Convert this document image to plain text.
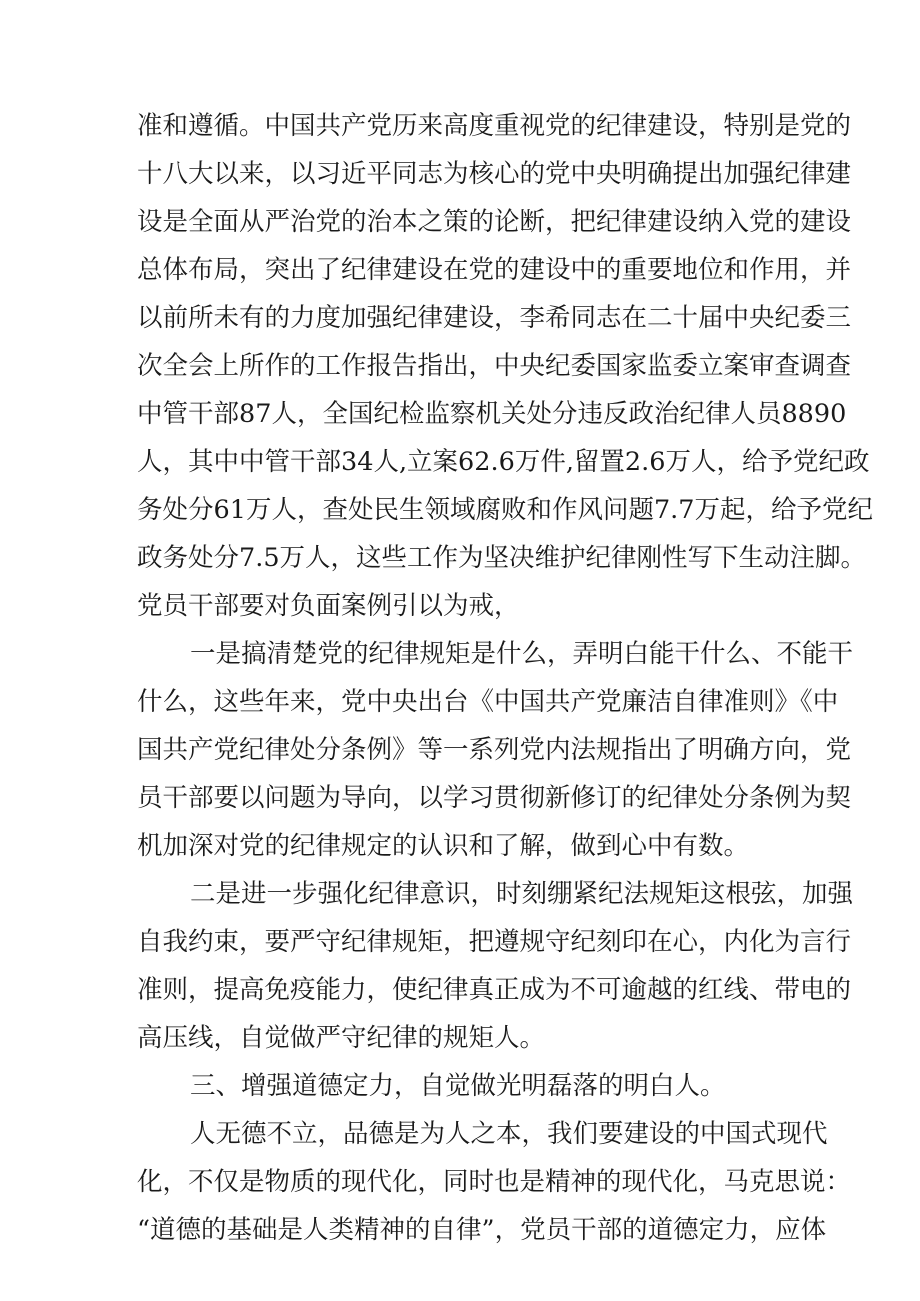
准和遵循。中国共产党历来高度重视党的纪律建设，特别是党的

十八大以来，以习近平同志为核心的党中央明确提出加强纪律建

设是全面从严治党的治本之策的论断，把纪律建设纳入党的建设

总体布局，突出了纪律建设在党的建设中的重要地位和作用，并

以前所未有的力度加强纪律建设，李希同志在二十届中央纪委三

次全会上所作的工作报告指出，中央纪委国家监委立案审查调查

中管干部87人，全国纪检监察机关处分违反政治纪律人员8890

人，其中中管干部34人,立案62.6万件,留置2.6万人，给予党纪政

务处分61万人，查处民生领域腐败和作风问题7.7万起，给予党纪

政务处分7.5万人，这些工作为坚决维护纪律刚性写下生动注脚。

党员干部要对负面案例引以为戒，

一是搞清楚党的纪律规矩是什么，弄明白能干什么、不能干

什么，这些年来，党中央出台《中国共产党廉洁自律准则》《中

国共产党纪律处分条例》等一系列党内法规指出了明确方向，党

员干部要以问题为导向，以学习贯彻新修订的纪律处分条例为契

机加深对党的纪律规定的认识和了解，做到心中有数。

二是进一步强化纪律意识，时刻绷紧纪法规矩这根弦，加强

自我约束，要严守纪律规矩，把遵规守纪刻印在心，内化为言行

准则，提高免疫能力，使纪律真正成为不可逾越的红线、带电的

高压线，自觉做严守纪律的规矩人。

三、增强道德定力，自觉做光明磊落的明白人。

人无德不立，品德是为人之本，我们要建设的中国式现代

化，不仅是物质的现代化，同时也是精神的现代化，马克思说：

“道德的基础是人类精神的自律”，党员干部的道德定力，应体
